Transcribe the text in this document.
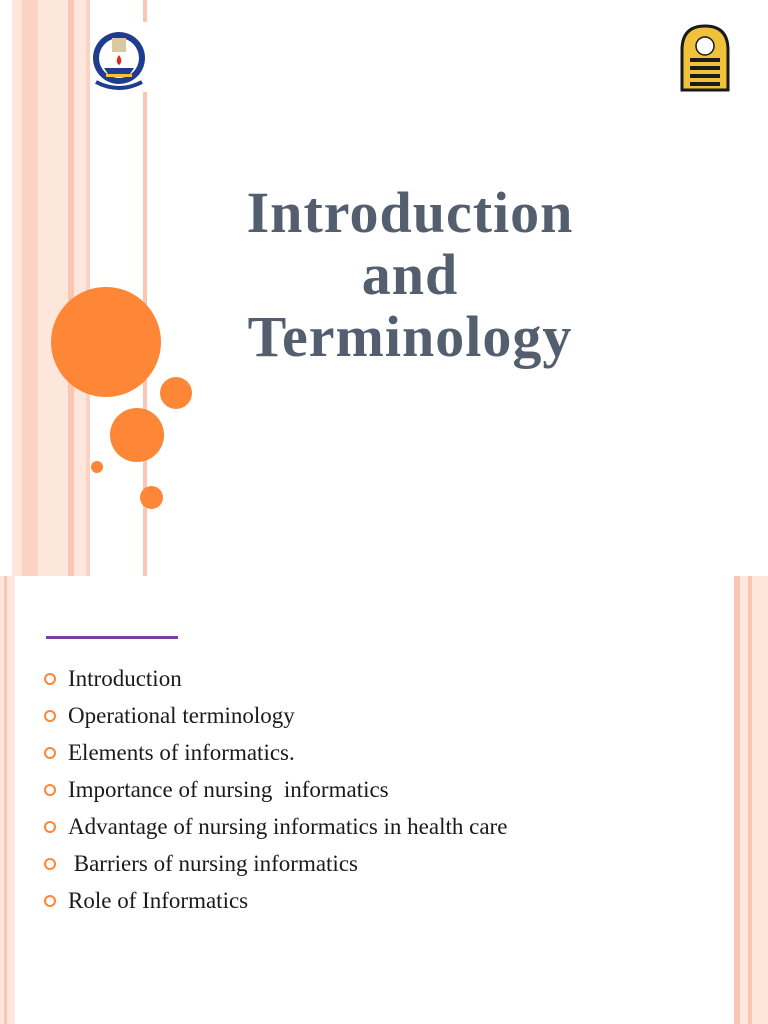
Introduction
and
Terminology
Introduction
Operational terminology
Elements of informatics.
Importance of nursing  informatics
Advantage of nursing informatics in health care
Barriers of nursing informatics
Role of Informatics
